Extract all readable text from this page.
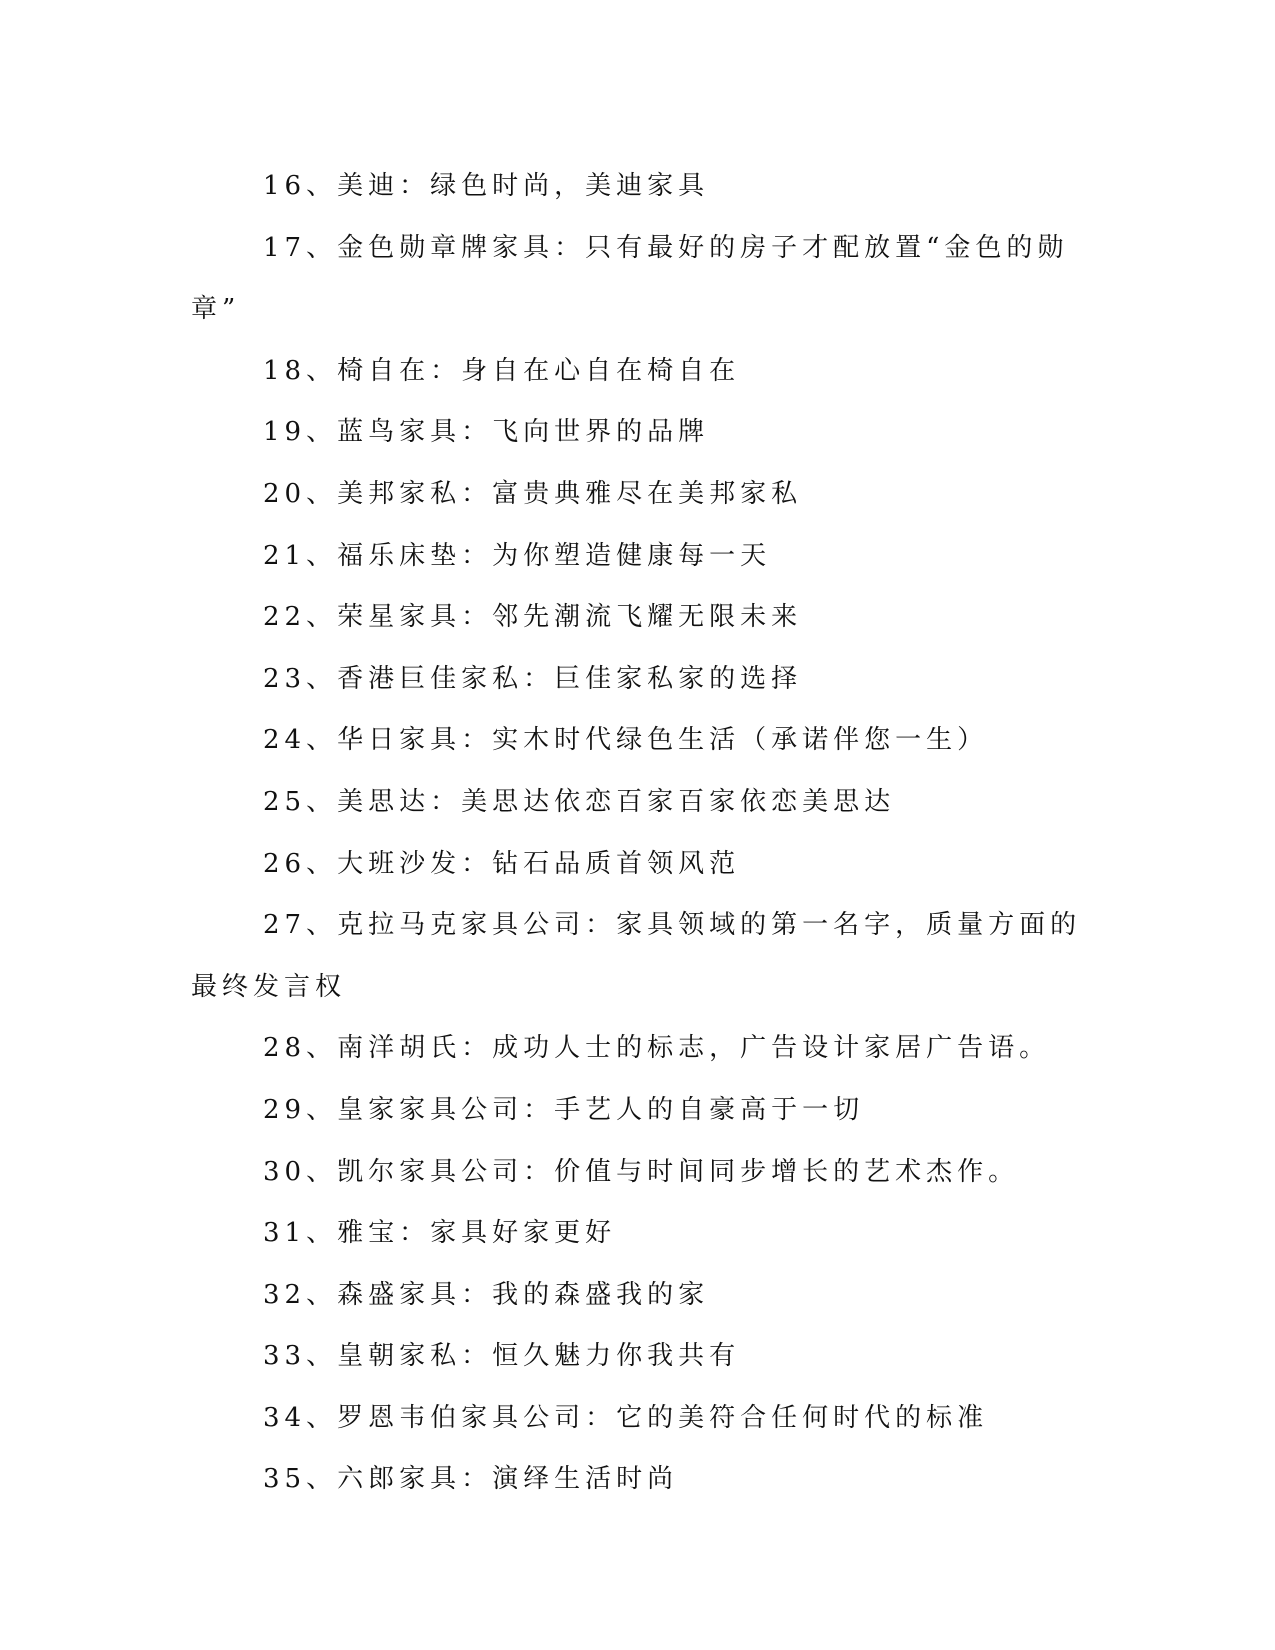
16、美迪：绿色时尚，美迪家具

17、金色勋章牌家具：只有最好的房子才配放置“金色的勋章”

18、椅自在：身自在心自在椅自在

19、蓝鸟家具：飞向世界的品牌

20、美邦家私：富贵典雅尽在美邦家私

21、福乐床垫：为你塑造健康每一天

22、荣星家具：邻先潮流飞耀无限未来

23、香港巨佳家私：巨佳家私家的选择

24、华日家具：实木时代绿色生活（承诺伴您一生）

25、美思达：美思达依恋百家百家依恋美思达

26、大班沙发：钻石品质首领风范

27、克拉马克家具公司：家具领域的第一名字，质量方面的最终发言权

28、南洋胡氏：成功人士的标志，广告设计家居广告语。

29、皇家家具公司：手艺人的自豪高于一切

30、凯尔家具公司：价值与时间同步增长的艺术杰作。

31、雅宝：家具好家更好

32、森盛家具：我的森盛我的家

33、皇朝家私：恒久魅力你我共有

34、罗恩韦伯家具公司：它的美符合任何时代的标准

35、六郎家具：演绎生活时尚
